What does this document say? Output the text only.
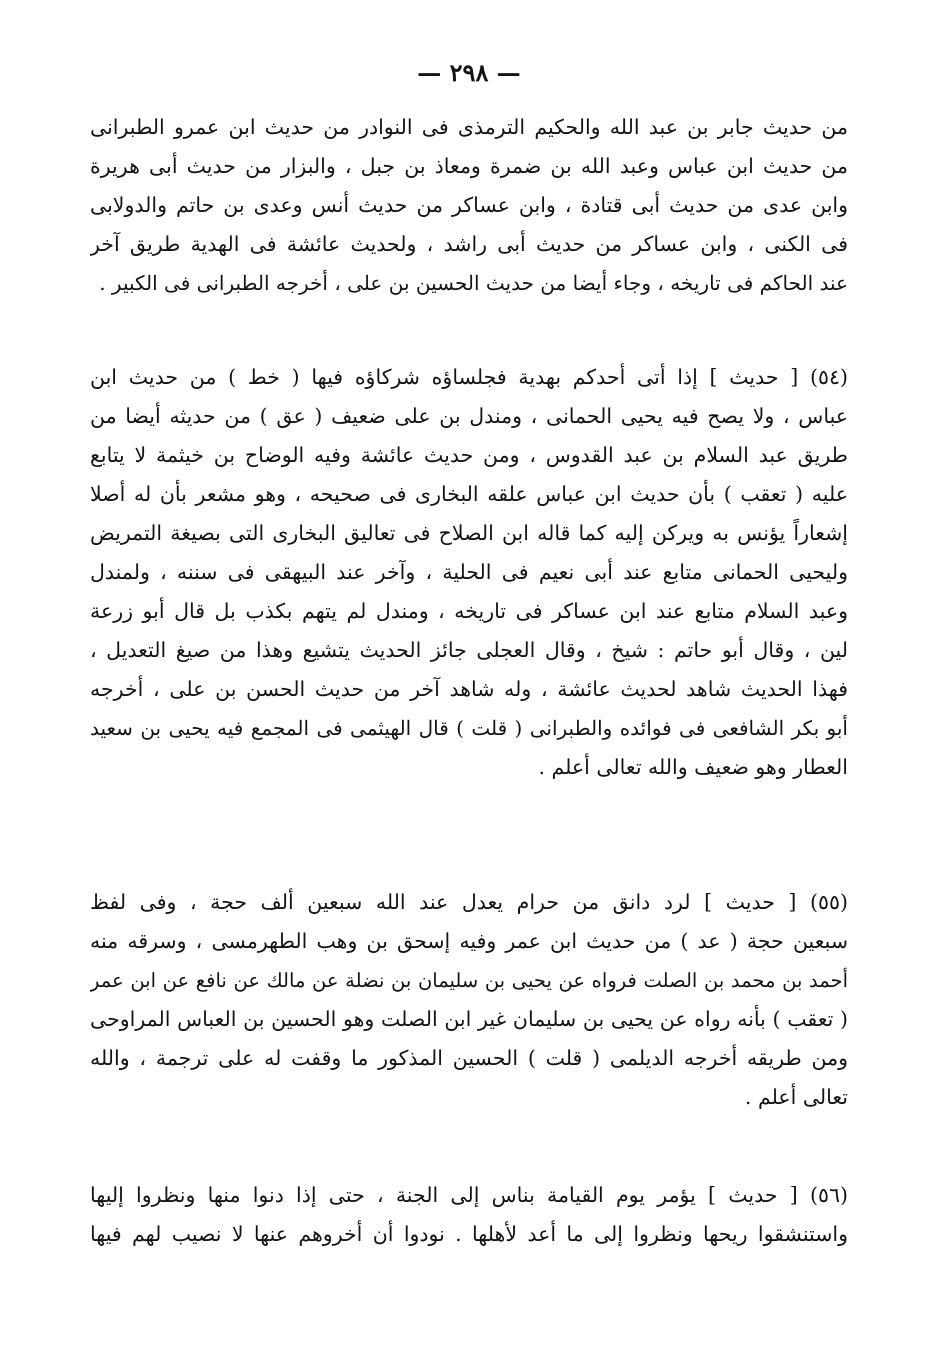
— ٢٩٨ —
من حديث جابر بن عبد الله والحكيم الترمذى فى النوادر من حديث ابن عمرو الطبرانى
من حديث ابن عباس وعبد الله بن ضمرة ومعاذ بن جبل ، والبزار من حديث أبى هريرة
وابن عدى من حديث أبى قتادة ، وابن عساكر من حديث أنس وعدى بن حاتم والدولابى
فى الكنى ، وابن عساكر من حديث أبى راشد ، ولحديث عائشة فى الهدية طريق آخر
عند الحاكم فى تاريخه ، وجاء أيضا من حديث الحسين بن على ، أخرجه الطبرانى فى الكبير .
(٥٤) [ حديث ] إذا أتى أحدكم بهدية فجلساؤه شركاؤه فيها ( خط ) من حديث ابن
عباس ، ولا يصح فيه يحيى الحمانى ، ومندل بن على ضعيف ( عق ) من حديثه أيضا من
طريق عبد السلام بن عبد القدوس ، ومن حديث عائشة وفيه الوضاح بن خيثمة لا يتابع
عليه ( تعقب ) بأن حديث ابن عباس علقه البخارى فى صحيحه ، وهو مشعر بأن له أصلا
إشعاراً يؤنس به ويركن إليه كما قاله ابن الصلاح فى تعاليق البخارى التى بصيغة التمريض
وليحيى الحمانى متابع عند أبى نعيم فى الحلية ، وآخر عند البيهقى فى سننه ، ولمندل
وعبد السلام متابع عند ابن عساكر فى تاريخه ، ومندل لم يتهم بكذب بل قال أبو زرعة
لين ، وقال أبو حاتم : شيخ ، وقال العجلى جائز الحديث يتشيع وهذا من صيغ التعديل ،
فهذا الحديث شاهد لحديث عائشة ، وله شاهد آخر من حديث الحسن بن على ، أخرجه
أبو بكر الشافعى فى فوائده والطبرانى ( قلت ) قال الهيثمى فى المجمع فيه يحيى بن سعيد
العطار وهو ضعيف والله تعالى أعلم .
(٥٥) [ حديث ] لرد دانق من حرام يعدل عند الله سبعين ألف حجة ، وفى لفظ
سبعين حجة ( عد ) من حديث ابن عمر وفيه إسحق بن وهب الطهرمسى ، وسرقه منه
أحمد بن محمد بن الصلت فرواه عن يحيى بن سليمان بن نضلة عن مالك عن نافع عن ابن عمر
( تعقب ) بأنه رواه عن يحيى بن سليمان غير ابن الصلت وهو الحسين بن العباس المراوحى
ومن طريقه أخرجه الديلمى ( قلت ) الحسين المذكور ما وقفت له على ترجمة ، والله
تعالى أعلم .
(٥٦) [ حديث ] يؤمر يوم القيامة بناس إلى الجنة ، حتى إذا دنوا منها ونظروا إليها
واستنشقوا ريحها ونظروا إلى ما أعد لأهلها . نودوا أن أخروهم عنها لا نصيب لهم فيها
